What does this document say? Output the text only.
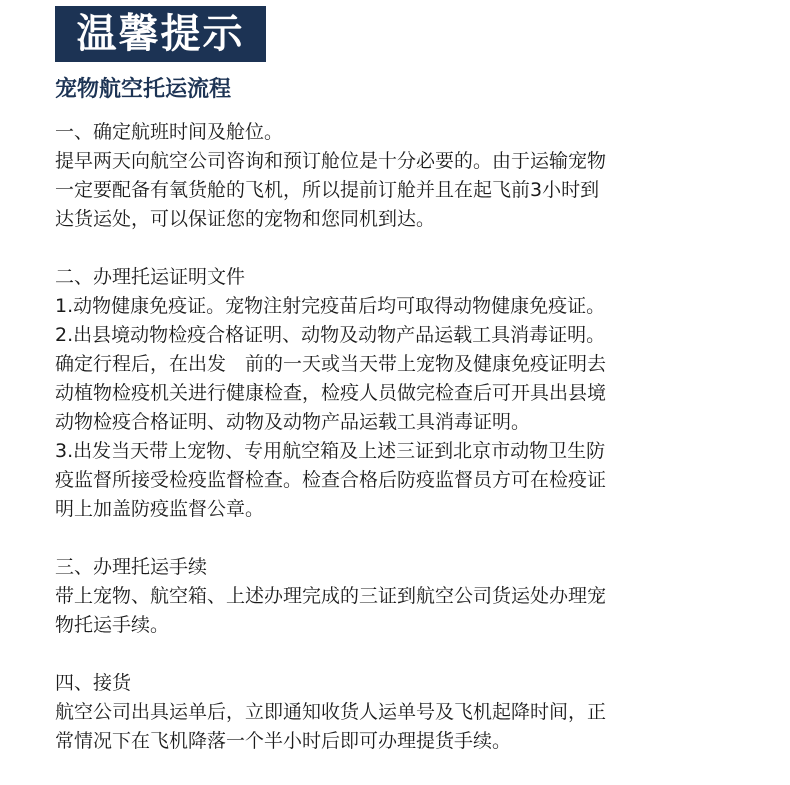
温馨提示
宠物航空托运流程
一、确定航班时间及舱位。
提早两天向航空公司咨询和预订舱位是十分必要的。由于运输宠物
一定要配备有氧货舱的飞机，所以提前订舱并且在起飞前3小时到
达货运处，可以保证您的宠物和您同机到达。
二、办理托运证明文件
1.动物健康免疫证。宠物注射完疫苗后均可取得动物健康免疫证。
2.出县境动物检疫合格证明、动物及动物产品运载工具消毒证明。
确定行程后，在出发　前的一天或当天带上宠物及健康免疫证明去
动植物检疫机关进行健康检查，检疫人员做完检查后可开具出县境
动物检疫合格证明、动物及动物产品运载工具消毒证明。
3.出发当天带上宠物、专用航空箱及上述三证到北京市动物卫生防
疫监督所接受检疫监督检查。检查合格后防疫监督员方可在检疫证
明上加盖防疫监督公章。
三、办理托运手续
带上宠物、航空箱、上述办理完成的三证到航空公司货运处办理宠
物托运手续。
四、接货
航空公司出具运单后，立即通知收货人运单号及飞机起降时间，正
常情况下在飞机降落一个半小时后即可办理提货手续。
